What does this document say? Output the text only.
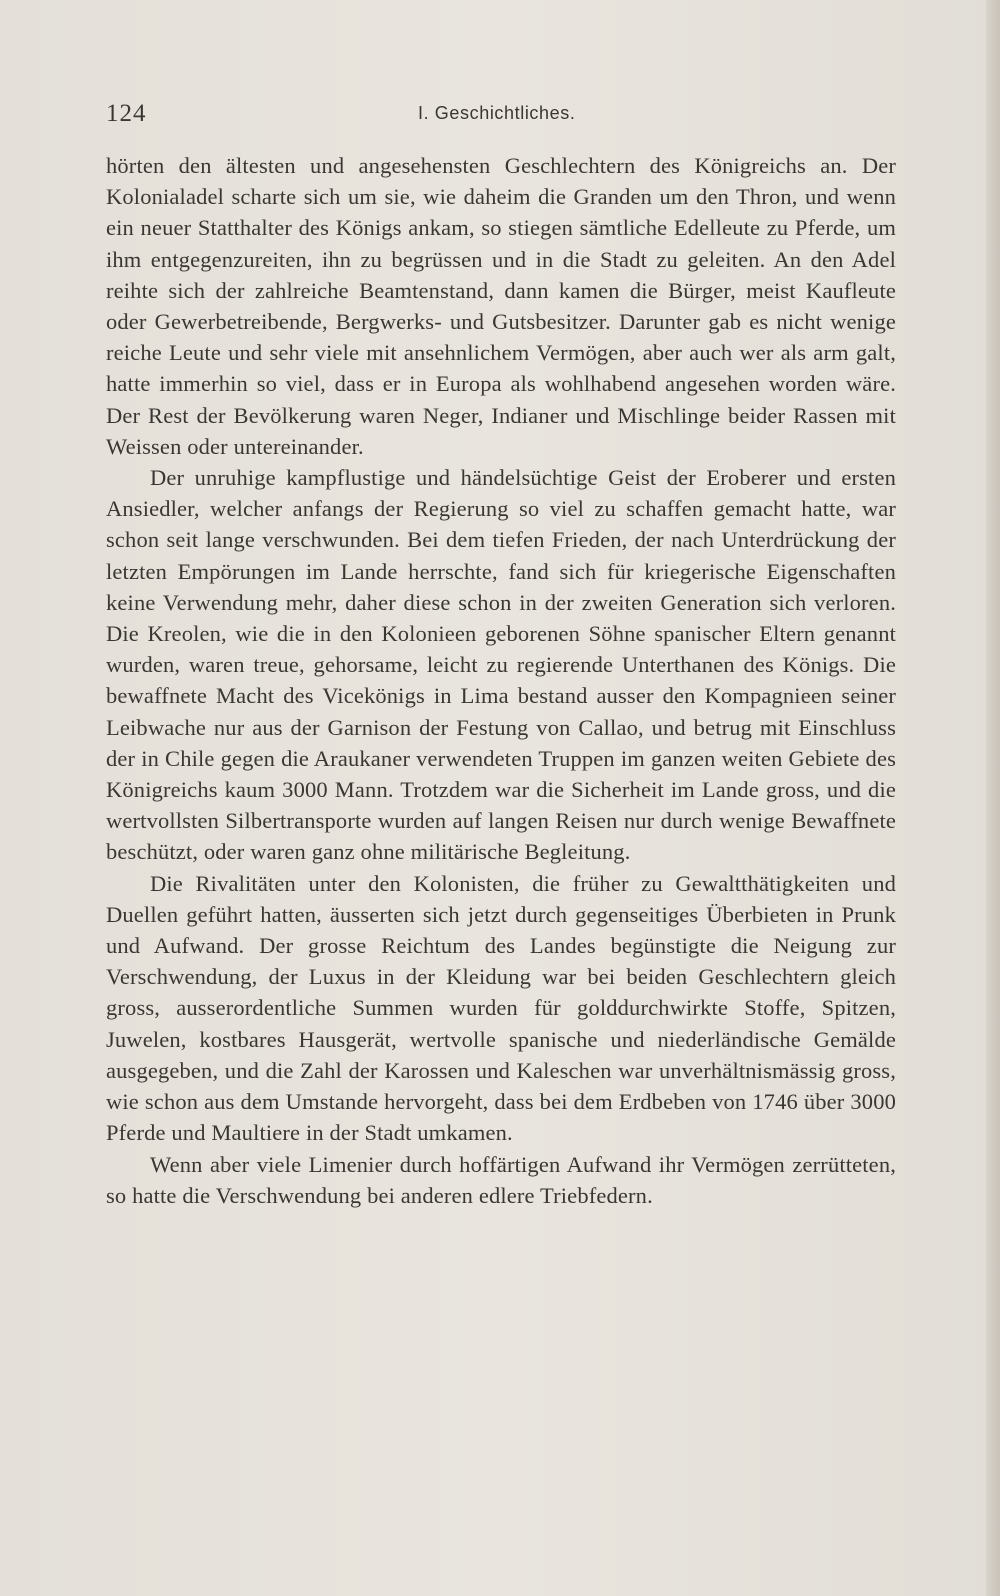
124	I. Geschichtliches.

hörten den ältesten und angesehensten Geschlechtern des Königreichs an. Der Kolonialadel scharte sich um sie, wie daheim die Granden um den Thron, und wenn ein neuer Statthalter des Königs ankam, so stiegen sämtliche Edelleute zu Pferde, um ihm entgegenzureiten, ihn zu begrüssen und in die Stadt zu geleiten. An den Adel reihte sich der zahlreiche Beamtenstand, dann kamen die Bürger, meist Kaufleute oder Gewerbetreibende, Bergwerks- und Gutsbesitzer. Darunter gab es nicht wenige reiche Leute und sehr viele mit ansehnlichem Vermögen, aber auch wer als arm galt, hatte immerhin so viel, dass er in Europa als wohlhabend angesehen worden wäre. Der Rest der Bevölkerung waren Neger, Indianer und Mischlinge beider Rassen mit Weissen oder untereinander.

Der unruhige kampflustige und händelsüchtige Geist der Eroberer und ersten Ansiedler, welcher anfangs der Regierung so viel zu schaffen gemacht hatte, war schon seit lange verschwunden. Bei dem tiefen Frieden, der nach Unterdrückung der letzten Empörungen im Lande herrschte, fand sich für kriegerische Eigenschaften keine Verwendung mehr, daher diese schon in der zweiten Generation sich verloren. Die Kreolen, wie die in den Kolonieen geborenen Söhne spanischer Eltern genannt wurden, waren treue, gehorsame, leicht zu regierende Unterthanen des Königs. Die bewaffnete Macht des Vicekönigs in Lima bestand ausser den Kompagnieen seiner Leibwache nur aus der Garnison der Festung von Callao, und betrug mit Einschluss der in Chile gegen die Araukaner verwendeten Truppen im ganzen weiten Gebiete des Königreichs kaum 3000 Mann. Trotzdem war die Sicherheit im Lande gross, und die wertvollsten Silbertransporte wurden auf langen Reisen nur durch wenige Bewaffnete beschützt, oder waren ganz ohne militärische Begleitung.

Die Rivalitäten unter den Kolonisten, die früher zu Gewaltthätigkeiten und Duellen geführt hatten, äusserten sich jetzt durch gegenseitiges Überbieten in Prunk und Aufwand. Der grosse Reichtum des Landes begünstigte die Neigung zur Verschwendung, der Luxus in der Kleidung war bei beiden Geschlechtern gleich gross, ausserordentliche Summen wurden für golddurchwirkte Stoffe, Spitzen, Juwelen, kostbares Hausgerät, wertvolle spanische und niederländische Gemälde ausgegeben, und die Zahl der Karossen und Kaleschen war unverhältnismässig gross, wie schon aus dem Umstande hervorgeht, dass bei dem Erdbeben von 1746 über 3000 Pferde und Maultiere in der Stadt umkamen.

Wenn aber viele Limenier durch hoffärtigen Aufwand ihr Vermögen zerrütteten, so hatte die Verschwendung bei anderen edlere Triebfedern.
